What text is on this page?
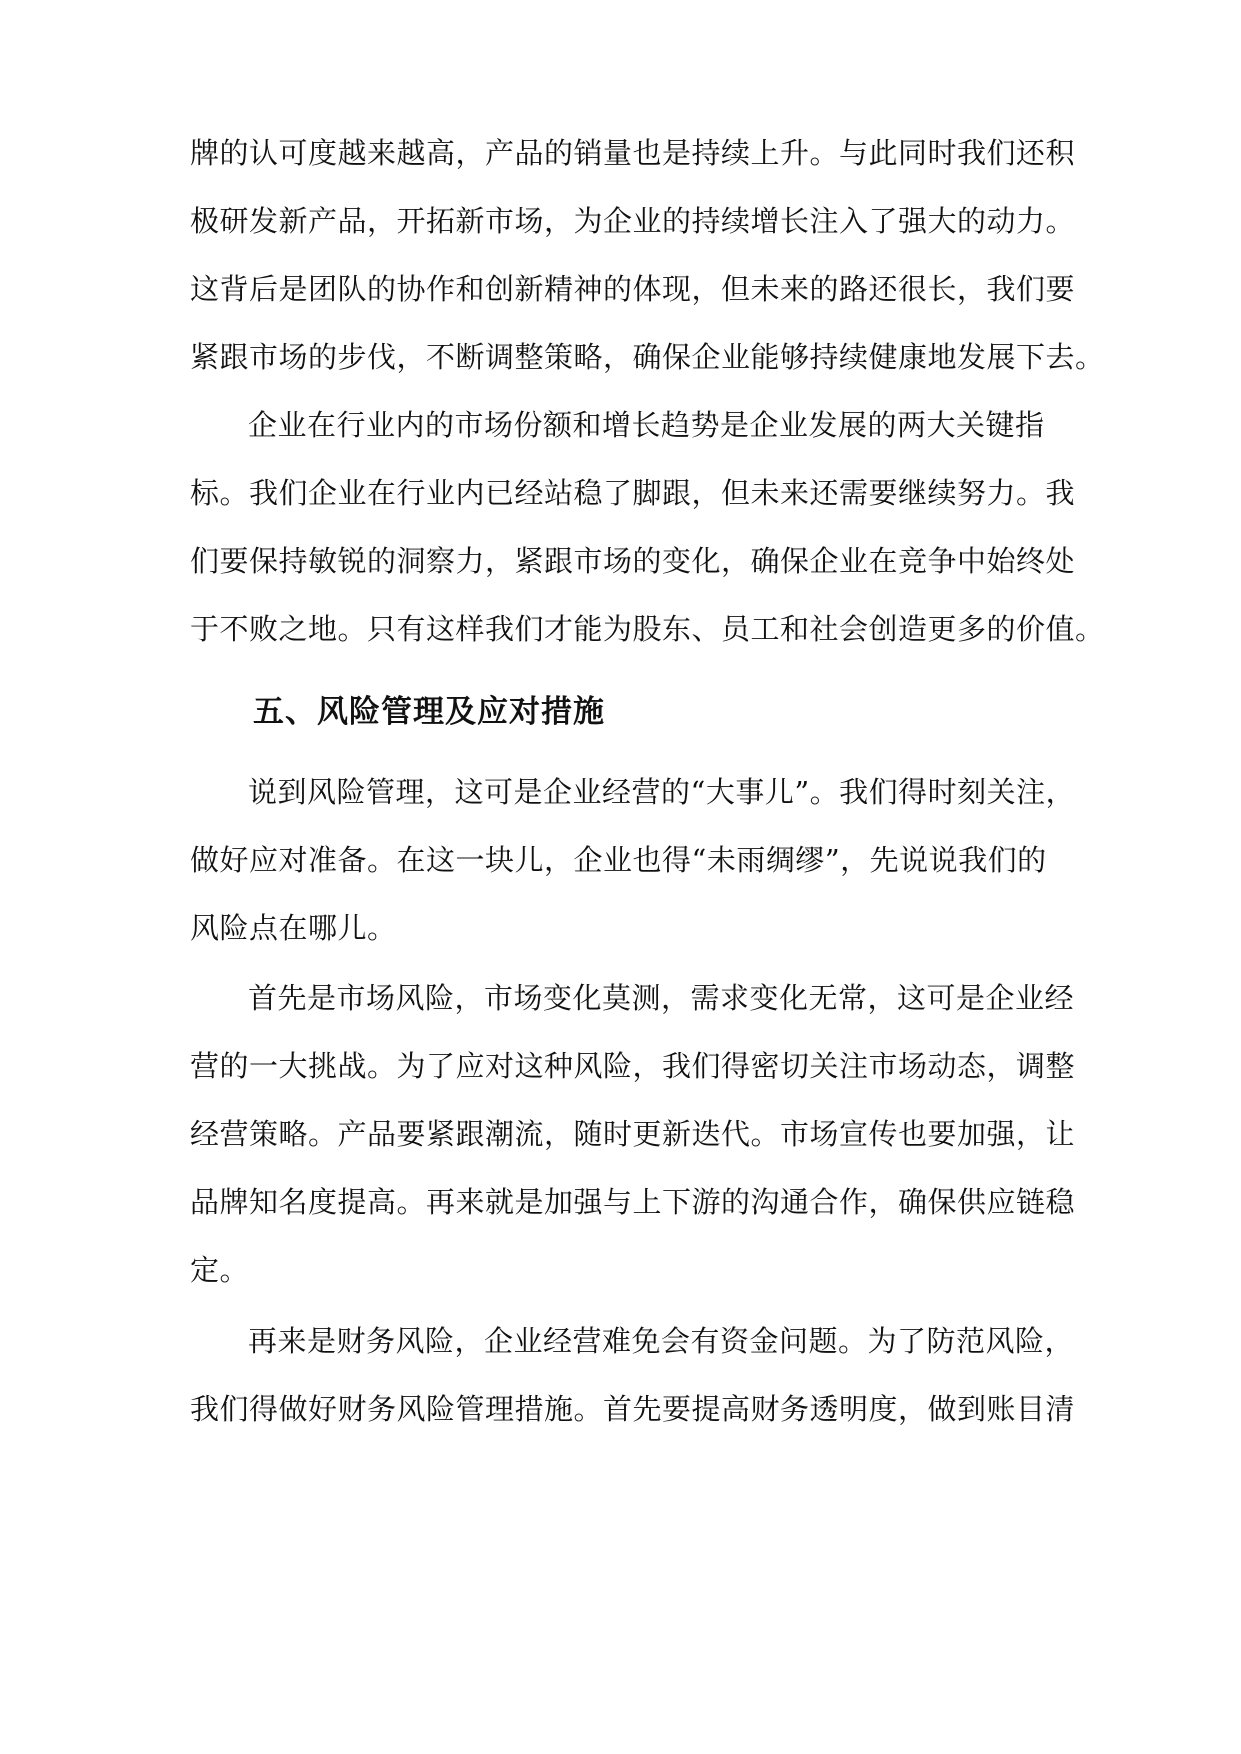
牌的认可度越来越高，产品的销量也是持续上升。与此同时我们还积
极研发新产品，开拓新市场，为企业的持续增长注入了强大的动力。
这背后是团队的协作和创新精神的体现，但未来的路还很长，我们要
紧跟市场的步伐，不断调整策略，确保企业能够持续健康地发展下去。
企业在行业内的市场份额和增长趋势是企业发展的两大关键指
标。我们企业在行业内已经站稳了脚跟，但未来还需要继续努力。我
们要保持敏锐的洞察力，紧跟市场的变化，确保企业在竞争中始终处
于不败之地。只有这样我们才能为股东、员工和社会创造更多的价值。
五、风险管理及应对措施
说到风险管理，这可是企业经营的“大事儿”。我们得时刻关注，
做好应对准备。在这一块儿，企业也得“未雨绸缪”，先说说我们的
风险点在哪儿。
首先是市场风险，市场变化莫测，需求变化无常，这可是企业经
营的一大挑战。为了应对这种风险，我们得密切关注市场动态，调整
经营策略。产品要紧跟潮流，随时更新迭代。市场宣传也要加强，让
品牌知名度提高。再来就是加强与上下游的沟通合作，确保供应链稳
定。
再来是财务风险，企业经营难免会有资金问题。为了防范风险，
我们得做好财务风险管理措施。首先要提高财务透明度，做到账目清
